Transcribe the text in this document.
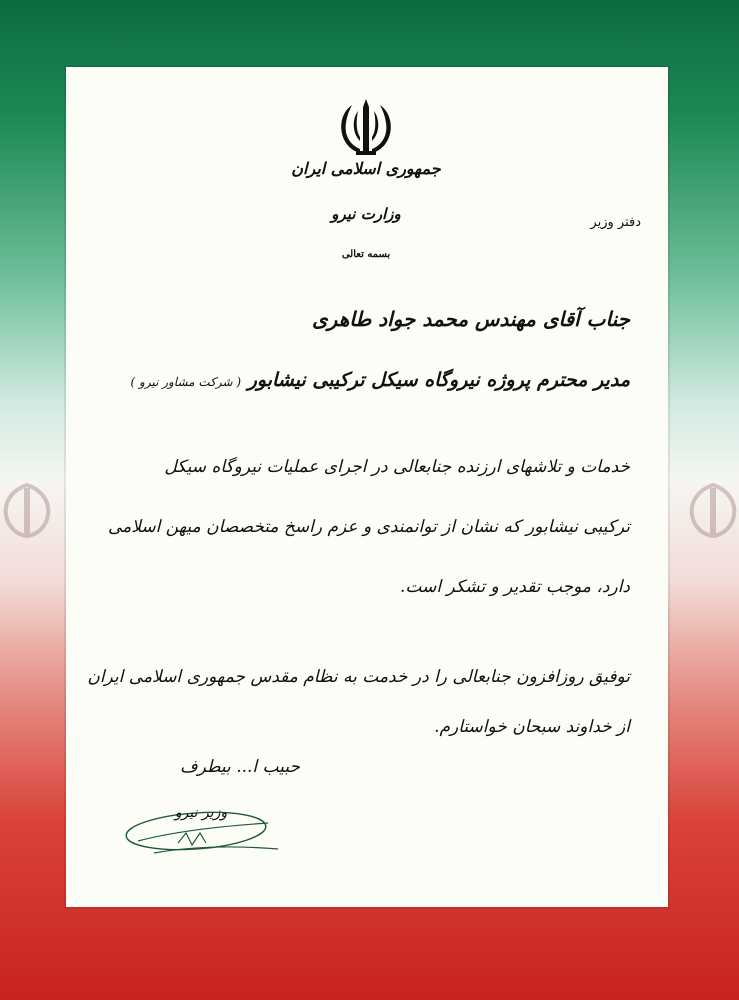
جمهوری اسلامی ایران
وزارت نیرو
بسمه تعالی
دفتر وزیر
جناب آقای مهندس محمد جواد طاهری
مدیر محترم پروژه نیروگاه سیکل ترکیبی نیشابور ( شرکت مشاور نیرو )
خدمات و تلاشهای ارزنده جنابعالی در اجرای عملیات نیروگاه سیکل
ترکیبی نیشابور که نشان از توانمندی و عزم راسخ متخصصان میهن اسلامی
دارد، موجب تقدیر و تشکر است.
توفیق روزافزون جنابعالی را در خدمت به نظام مقدس جمهوری اسلامی ایران
از خداوند سبحان خواستارم.
حبیب ا... بیطرف
وزیر نیرو
